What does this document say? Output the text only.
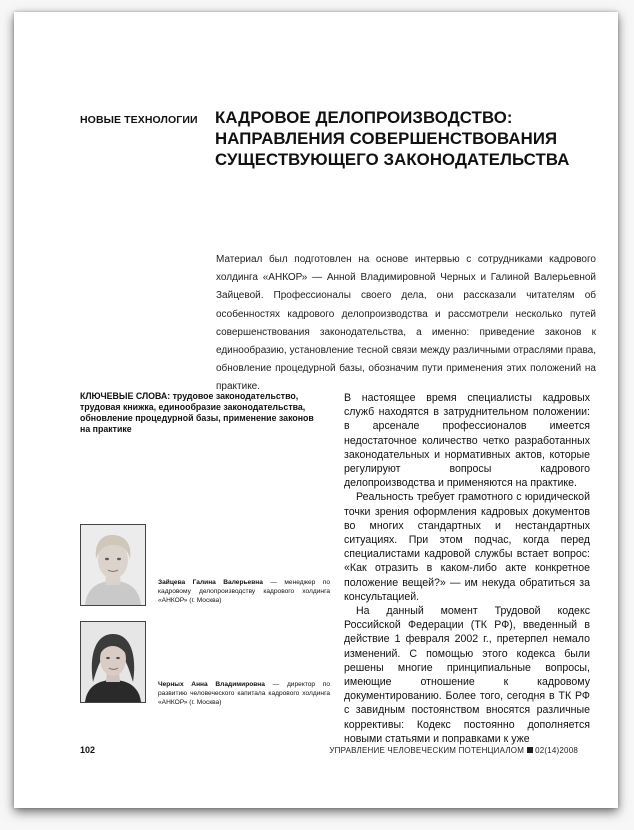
НОВЫЕ ТЕХНОЛОГИИ	КАДРОВОЕ ДЕЛОПРОИЗВОДСТВО:
НАПРАВЛЕНИЯ СОВЕРШЕНСТВОВАНИЯ
СУЩЕСТВУЮЩЕГО ЗАКОНОДАТЕЛЬСТВА
Материал был подготовлен на основе интервью с сотрудниками кадрового холдинга «АНКОР» — Анной Владимировной Черных и Галиной Валерьевной Зайцевой. Профессионалы своего дела, они рассказали читателям об особенностях кадрового делопроизводства и рассмотрели несколько путей совершенствования законодательства, а именно: приведение законов к единообразию, установление тесной связи между различными отраслями права, обновление процедурной базы, обозначим пути применения этих положений на практике.
КЛЮЧЕВЫЕ СЛОВА: трудовое законодательство, трудовая книжка, единообразие законодательства, обновление процедурной базы, применение законов на практике

В настоящее время специалисты кадровых служб находятся в затруднительном положении: в арсенале профессионалов имеется недостаточное количество четко разработанных законодательных и нормативных актов, которые регулируют вопросы кадрового делопроизводства и применяются на практике.

Реальность требует грамотного с юридической точки зрения оформления кадровых документов во многих стандартных и нестандартных ситуациях. При этом подчас, когда перед специалистами кадровой службы встает вопрос: «Как отразить в каком-либо акте конкретное положение вещей?» — им некуда обратиться за консультацией.

На данный момент Трудовой кодекс Российской Федерации (ТК РФ), введенный в действие 1 февраля 2002 г., претерпел немало изменений. С помощью этого кодекса были решены многие принципиальные вопросы, имеющие отношение к кадровому документированию. Более того, сегодня в ТК РФ с завидным постоянством вносятся различные коррективы: Кодекс постоянно дополняется новыми статьями и поправками к уже

Зайцева Галина Валерьевна — менеджер по кадровому делопроизводству кадрового холдинга «АНКОР» (г. Москва)
Черных Анна Владимировна — директор по развитию человеческого капитала кадрового холдинга «АНКОР» (г. Москва)
102	УПРАВЛЕНИЕ ЧЕЛОВЕЧЕСКИМ ПОТЕНЦИАЛОМ 02(14)2008
